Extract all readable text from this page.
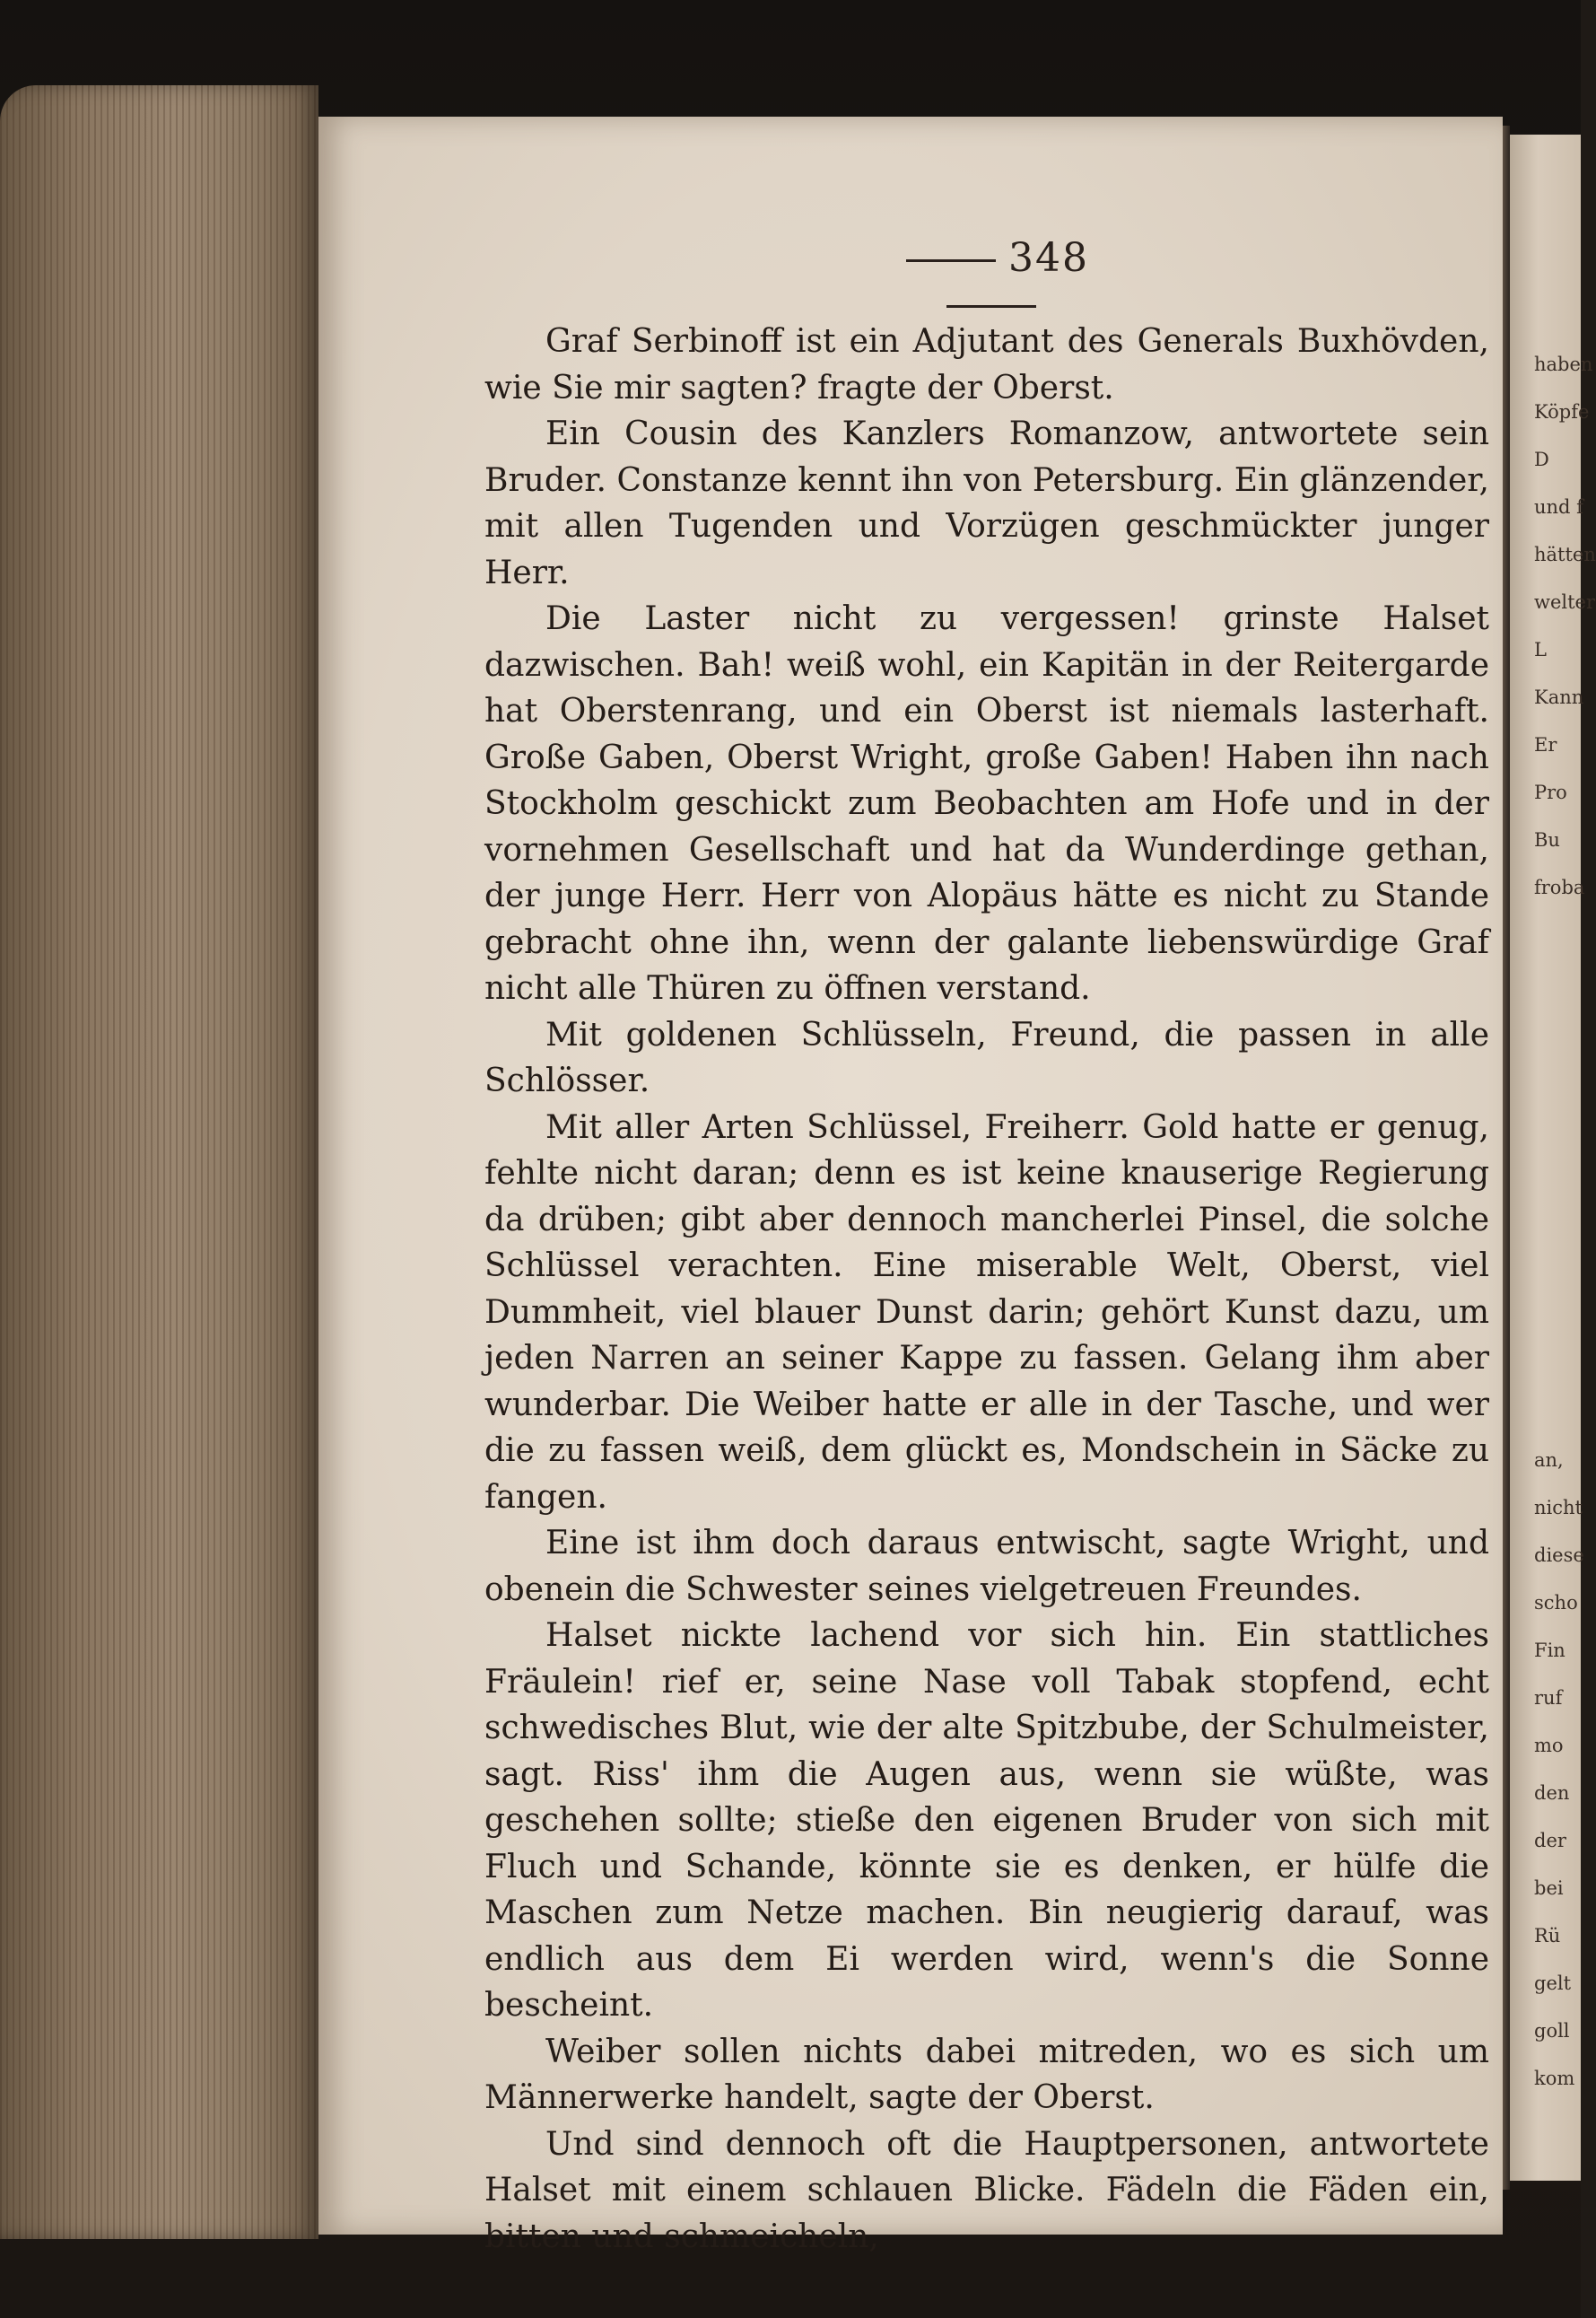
haben
Köpfe
D
und f
hätten
welter
L
Kann
Er
Pro
Bu
froba
an,
nicht
diese
scho
Fin
ruf
mo
den
der
bei
Rü
gelt
goll
kom
348

Graf Serbinoff ist ein Adjutant des Generals Buxhövden, wie Sie mir sagten? fragte der Oberst.

Ein Cousin des Kanzlers Romanzow, antwortete sein Bruder. Constanze kennt ihn von Petersburg. Ein glänzender, mit allen Tugenden und Vorzügen geschmückter junger Herr.

Die Laster nicht zu vergessen! grinste Halset dazwischen. Bah! weiß wohl, ein Kapitän in der Reitergarde hat Oberstenrang, und ein Oberst ist niemals lasterhaft. Große Gaben, Oberst Wright, große Gaben! Haben ihn nach Stockholm geschickt zum Beobachten am Hofe und in der vornehmen Gesellschaft und hat da Wunderdinge gethan, der junge Herr. Herr von Alopäus hätte es nicht zu Stande gebracht ohne ihn, wenn der galante liebenswürdige Graf nicht alle Thüren zu öffnen verstand.

Mit goldenen Schlüsseln, Freund, die passen in alle Schlösser.

Mit aller Arten Schlüssel, Freiherr. Gold hatte er genug, fehlte nicht daran; denn es ist keine knauserige Regierung da drüben; gibt aber dennoch mancherlei Pinsel, die solche Schlüssel verachten. Eine miserable Welt, Oberst, viel Dummheit, viel blauer Dunst darin; gehört Kunst dazu, um jeden Narren an seiner Kappe zu fassen. Gelang ihm aber wunderbar. Die Weiber hatte er alle in der Tasche, und wer die zu fassen weiß, dem glückt es, Mondschein in Säcke zu fangen.

Eine ist ihm doch daraus entwischt, sagte Wright, und obenein die Schwester seines vielgetreuen Freundes.

Halset nickte lachend vor sich hin. Ein stattliches Fräulein! rief er, seine Nase voll Tabak stopfend, echt schwedisches Blut, wie der alte Spitzbube, der Schulmeister, sagt. Riss' ihm die Augen aus, wenn sie wüßte, was geschehen sollte; stieße den eigenen Bruder von sich mit Fluch und Schande, könnte sie es denken, er hülfe die Maschen zum Netze machen. Bin neugierig darauf, was endlich aus dem Ei werden wird, wenn's die Sonne bescheint.

Weiber sollen nichts dabei mitreden, wo es sich um Männerwerke handelt, sagte der Oberst.

Und sind dennoch oft die Hauptpersonen, antwortete Halset mit einem schlauen Blicke. Fädeln die Fäden ein, bitten und schmeicheln,
